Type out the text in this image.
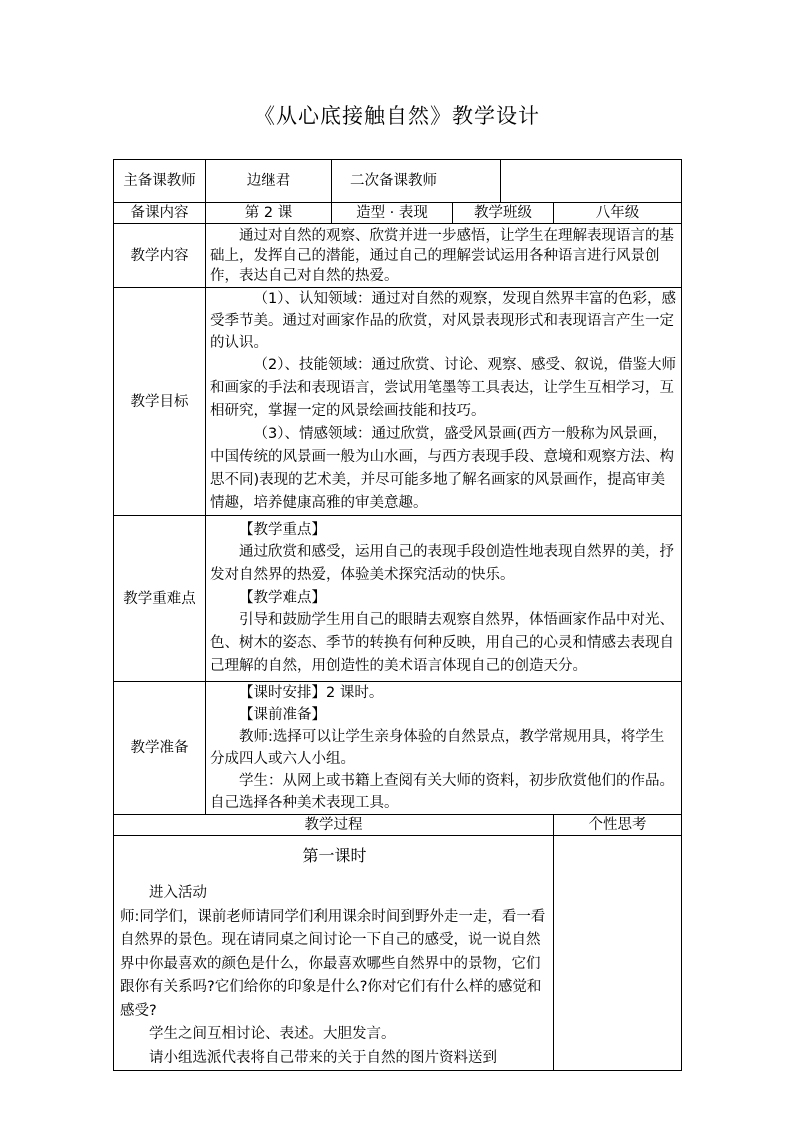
《从心底接触自然》教学设计
主备课教师	边继君	二次备课教师			
备课内容	第 2 课	造型 · 表现	教学班级		八年级
教学内容	通过对自然的观察、欣赏并进一步感悟，让学生在理解表现语言的基础上，发挥自己的潜能，通过自己的理解尝试运用各种语言进行风景创作，表达自己对自然的热爱。				

教学目标	（1）、认知领域：通过对自然的观察，发现自然界丰富的色彩，感受季节美。通过对画家作品的欣赏，对风景表现形式和表现语言产生一定的认识。

（2）、技能领域：通过欣赏、讨论、观察、感受、叙说，借鉴大师和画家的手法和表现语言，尝试用笔墨等工具表达，让学生互相学习，互相研究，掌握一定的风景绘画技能和技巧。

（3）、情感领域：通过欣赏，盛受风景画(西方一般称为风景画，中国传统的风景画一般为山水画，与西方表现手段、意境和观察方法、构思不同)表现的艺术美，并尽可能多地了解名画家的风景画作，提高审美情趣，培养健康高雅的审美意趣。				

教学重难点	【教学重点】

通过欣赏和感受，运用自己的表现手段创造性地表现自然界的美，抒发对自然界的热爱，体验美术探究活动的快乐。

【教学难点】

引导和鼓励学生用自己的眼睛去观察自然界，体悟画家作品中对光、色、树木的姿态、季节的转换有何种反映，用自己的心灵和情感去表现自己理解的自然，用创造性的美术语言体现自己的创造天分。				

教学准备	【课时安排】2 课时。

【课前准备】

教师:选择可以让学生亲身体验的自然景点，教学常规用具，将学生分成四人或六人小组。

学生：从网上或书籍上查阅有关大师的资料，初步欣赏他们的作品。自己选择各种美术表现工具。				

教学过程					个性思考

第一课时

进入活动

师:同学们，课前老师请同学们利用课余时间到野外走一走，看一看自然界的景色。现在请同桌之间讨论一下自己的感受，说一说自然界中你最喜欢的颜色是什么，你最喜欢哪些自然界中的景物，它们跟你有关系吗?它们给你的印象是什么?你对它们有什么样的感觉和感受?

学生之间互相讨论、表述。大胆发言。

请小组选派代表将自己带来的关于自然的图片资料送到					
